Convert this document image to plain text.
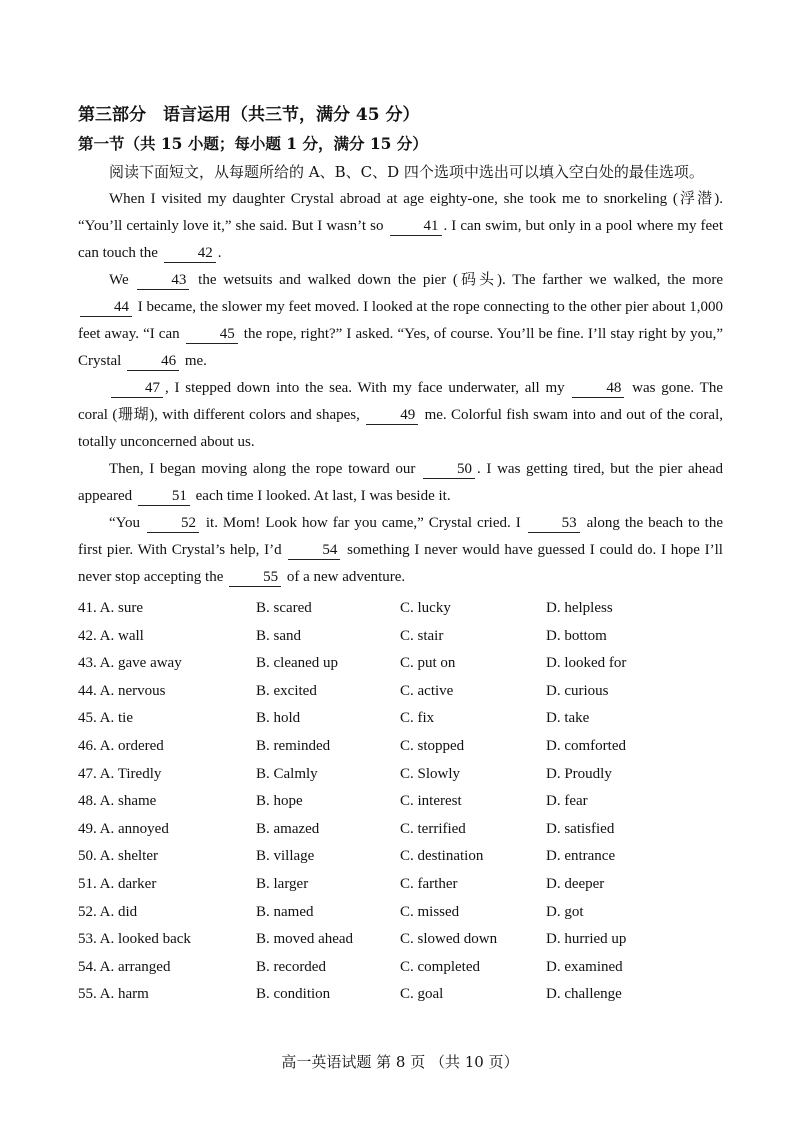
第三部分　语言运用（共三节，满分 45 分）
第一节（共 15 小题；每小题 1 分，满分 15 分）
阅读下面短文，从每题所给的 A、B、C、D 四个选项中选出可以填入空白处的最佳选项。

When I visited my daughter Crystal abroad at age eighty-one, she took me to snorkeling (浮潜). “You’ll certainly love it,” she said. But I wasn’t so 41 . I can swim, but only in a pool where my feet can touch the 42 .

We 43 the wetsuits and walked down the pier (码头). The farther we walked, the more 44 I became, the slower my feet moved. I looked at the rope connecting to the other pier about 1,000 feet away. “I can 45 the rope, right?” I asked. “Yes, of course. You’ll be fine. I’ll stay right by you,” Crystal 46 me.

47 , I stepped down into the sea. With my face underwater, all my 48 was gone. The coral (珊瑚), with different colors and shapes, 49 me. Colorful fish swam into and out of the coral, totally unconcerned about us.

Then, I began moving along the rope toward our 50 . I was getting tired, but the pier ahead appeared 51 each time I looked. At last, I was beside it.

“You 52 it. Mom! Look how far you came,” Crystal cried. I 53 along the beach to the first pier. With Crystal’s help, I’d 54 something I never would have guessed I could do. I hope I’ll never stop accepting the 55 of a new adventure.

41. A. sure	B. scared	C. lucky	D. helpless
42. A. wall	B. sand	C. stair	D. bottom
43. A. gave away	B. cleaned up	C. put on	D. looked for
44. A. nervous	B. excited	C. active	D. curious
45. A. tie	B. hold	C. fix	D. take
46. A. ordered	B. reminded	C. stopped	D. comforted
47. A. Tiredly	B. Calmly	C. Slowly	D. Proudly
48. A. shame	B. hope	C. interest	D. fear
49. A. annoyed	B. amazed	C. terrified	D. satisfied
50. A. shelter	B. village	C. destination	D. entrance
51. A. darker	B. larger	C. farther	D. deeper
52. A. did	B. named	C. missed	D. got
53. A. looked back	B. moved ahead	C. slowed down	D. hurried up
54. A. arranged	B. recorded	C. completed	D. examined
55. A. harm	B. condition	C. goal	D. challenge
高一英语试题 第 8 页 （共 10 页）
